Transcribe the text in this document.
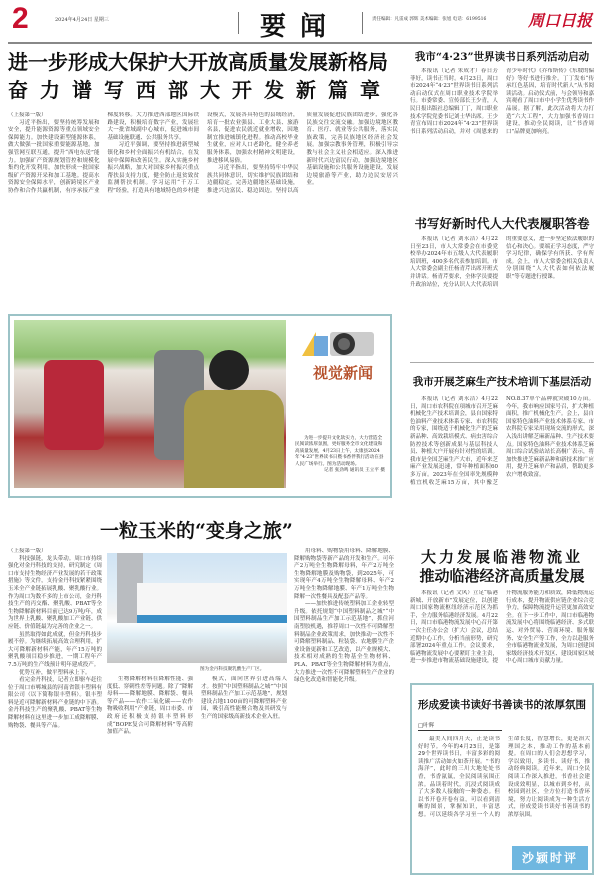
2	2024年4月24日 星期三	要闻	责任编辑：凡雷成 郭辉 美术编辑：张旭 电话：6199516	周口日报
进一步形成大保护大开放高质量发展新格局
奋力谱写西部大开发新篇章
（上接第一版）

习近平指出，要坚持统筹发展和安全，提升能源资源等重点领域安全保障能力。加快建设新型能源体系，做大做强一批国家重要能源基地。加强管网互联互通，提升“西电东送”能力。加强矿产资源规划管控和规模化集约化开发利用，加快形成一批国家级矿产资源开采和加工基地。提高水资源安全保障水平，创新跨境区产业协作和合作共赢机制，有序承接产业梯度转移。大力推进西部地区国际铁路建设，积极培育数字产业，发展壮大一批省域副中心城市，促进城市间基础设施联通、公共服务共享。

习近平强调，要坚持推进新型城镇化和乡村全面振兴有机结合，在发展中保障和改善民生。深入实施乡村振兴战略，加大对国家乡村振兴重点帮扶县支持力度，健全防止返贫致贫监测帮扶机制。学习运用“千万工程”经验，打造具有地域特色的乡村建设模式，发展各具特色的县域经济，培育一批农业强县、工业大县、旅游名县，促进农民就近就业增收，因地制宜推进城镇化进程。推动高校毕业生就业，应对人口老龄化，健全养老服务体系，加强农村精神文明建设，推进移风易俗。

习近平指出，要坚持铸牢中华民族共同体意识，切实维护民族团结和边疆稳定。完善边疆地区基础设施，推进兴边富民、稳边固边。坚持以高质量发展促进民族团结进步，强化各民族交往交流交融。加强边境地区教育、医疗、就业等公共服务，落实民族政策，完善民族地区经济社会发展。加强宗教事务管理，积极引导宗教与社会主义社会相适应。深入推进新时代兴边富民行动，加强边境地区基础设施和公共服务设施建设，发展边境旅游等产业，助力边民安居兴业。

视觉新闻
为进一步提升文化软实力，大力营造全民阅读浓厚氛围，更好服务全市文化建设和高质量发展，4月23日上午，太康县2024年“4·23”世界读书日暨书香伴我行活动在县人民广场举行。图为活动现场。
记者 张劲鸣 通讯员 王立平 摄
一粒玉米的“变身之旅”
（上接第一版）

科技强链，龙头带动。周口市持续强化对金丹科技的支持，研究制定《周口市支持生物经济产业发展的若干政策措施》等文件，支持金丹科技紧紧围绕玉米全产业链拓展乳酸、聚乳酸行业。作为周口为数不多的上市公司，金丹科技生产的丙交酯、聚乳酸、PBAT等全生物降解新材料目前已达9万吨/年，成为世界上乳酸、聚乳酸加工产业链、供应链、价值链最为完善的企业之一。

虽然取得如此成就，但金丹科技步履不停。为继续拓展高效合理利用，扩大可降解新材料产能，年产15万吨的聚乳酸项目稳步推进，一期工程年产7.5万吨的生产线预计明年建成投产。

优势互补，做平塑料承上下。

看完金丹科技，记者立即驱车赶往位于周口市郸城县的河南省银丰塑料有限公司（以下简称银丰塑料）。银丰塑料是近可降解新材料产业链的中下游。金丹科技生产的聚乳酸、PBAT等生物降解材料在这里进一步加工成降解膜、购物袋、餐具等产品。

图为金丹科技聚乳酸生产厂区。

生物降解材料在降解性能、强度低、穿刺性差等问题。除了“降解母料——降解地膜、降解袋、餐具等产品——农作二氧化碳——农作物吸收利用”产业链，周口市委、市政府还积极支持银丰塑料形成“BOPE复合可降解材料”等高附加值产品。

模式，面向世界引进高端人才。按照“中国塑料制品之城”“中国塑料制品生产加工示范基地”，规划建设占地1100亩的可降解塑料产业园，吸引高性能聚合物及其研发与生产的国家级高新技术企业入驻。

用母料、购物袋用母料、降解地膜、降解购物袋等新产品的开发和生产。可年产2万吨全生物降解母料，年产2万吨全生物降解地膜及购物袋，到2025年，可实现年产4万吨全生物降解母料、年产2万吨全生物降解地膜、年产1万吨全生物降解一次性餐具及配套产品等。

——加快推进传统塑料加工企业转型升级。依托规划“中国塑料制品之城”“中国塑料制品生产加工示范基地”，抓住河南塑胶机遇，推荐周口一次性不可降解塑料制品企业政策需求，加快推动一次性不可降解塑料制品、粒装袋、农地膜生产企业设备更新和工艺改造，以产业规模大、技术相对成熟的生物基全生物材料、PLA、PBAT等全生物降解材料为重点，大力推进一次性不可降解塑料生产企业的绿色化改造和智能化升级。

我市“4·23”世界读书日系列活动启动

本报讯（记者 朱成才）春日芳菲好，读书正当时。4月23日，周口市2024年“4·23”世界读书日系列活动启动仪式在周口职业技术学院举行。市委常委、宣传部长王少青，人民日报出版社总编辑丁丁，周口职业技术学院党委书记刘士华出席。王少青宣布周口市2024年“4·23”世界读书日系列活动启动，并对《周恩来的青少年时代》《乔布斯传》《东坡的偏好》等好书进行推介。丁丁发布“传承红色基因，培育时代新人”从书阅读活动。启动仪式前，与会领导和嘉宾观看了周口市中小学生优秀读书作品展。据了解，此次活动将大力打造“六大工程”，大力加强书香周口建设，推动全民阅读，让“书香周口”品牌更加响亮。

书写好新时代人大代表履职答卷

本报讯（记者 刘永洁）4月22日至23日，市人大常委会在市委党校举办2024年市五级人大代表履职培训班，400多名代表参加培训。市人大常委会副主任杨青芹出席开班式并讲话。杨青芹要求，全体学员要提升政治站位，充分认识人大代表培训的重要意义，进一步坚定依法履职的信心和决心。要端正学习态度，严守学习纪律，确保学有所获、学有所成。会上，市人大常委会相关负责人分别围绕“人大代表如何依法履职”等专题进行授课。

我市开展芝麻生产技术培训下基层活动

本报讯（记者 刘永洁）4月22日，周口市农科院在项城市召开芝麻机械化生产技术培训会，县自国家特色油料产业技术体系专家、市农科院的专家，围绕适于机械化生产的芝麻新品种、高效栽培模式、病虫害综合防控技术等创新成果与基层科技人员、种植大户开展有针对性的培训。我市是全国芝麻生产大市，近年来芝麻产业发展迅速，常年种植面积60多万亩。2023年在全国率先规模种植宜机收芝麻15万亩，其中豫芝NO.8.37单个品种就突破10万亩。今年，我市响应国家号召，扩大种植面积，推广机械化生产。会上，县自国家特色油料产业技术体系专家、市农科院专家采用现场交流的形式，深入浅出讲解芝麻新品种、生产技术要点。国家特色油料产业技术体系芝麻周口综合试验站站长高桐广表示，将加快推进芝麻新品种和新技术推广应用，提升芝麻单产和品质，帮助更多农户增收致富。

大力发展临港物流业
推动临港经济高质量发展

本报讯（记者 文风）立足“临港新城、开放新市”发展定位，以创建周口国家物流枢纽经济示范区为抓手，全力服务临港经济发展。4月22日，周口市临港物流发展中心召开第一次主任办公会（扩大）会议，总结近期中心工作，分析当前形势，研究部署2024年重点工作。会议要求，临港物流发展中心要紧盯主业主责，进一步推进市物流基础设施建设，提升物流服务能力和质效，降低物流运行成本，提升物流供应链企业综合竞争力，保障物流提升运营更加高效安全。在下一步工作中，周口市临港物流发展中心将围绕临港经济、多式联运、对外贸易、营商环境、服务服务、安全生产等工作，全力以赴服务全市临港物流业发展，为周口创建国家级经济技术开发区、建设国家区域中心周口城市贡献力量。

形成爱读书读好书善读书的浓厚氛围
□叶辉

最美人间四月天，正是读书好时节。今年的4月23日，是第29个世界读书日，丰富多彩的阅读推广活动如火如荼开展。“书的海洋”，此时的三川大地处处书香，书香氤氲，全民阅读氛围正浓。品读着时代，沉浸式阅读成了大多数人接触的一种姿态。但以书开卷开卷有益，可以看到清晰的图景，掌握知识，丰富思想。可以延续各学习至一个人的生命长度，智慧增长，更是治大理国之本，推动工作的基本前提。在周口的人们会思想学习，学以致用，多读书、读好书，推动经典阅读。近年来，周口全民阅读工作深入推进，书香社会建设成效明显，以城市到乡村，从校园到社区，全方位打造书香环境，努力让阅读成为一种生活方式，形成爱读书读好书善读书的浓厚氛围。

沙颍时评
